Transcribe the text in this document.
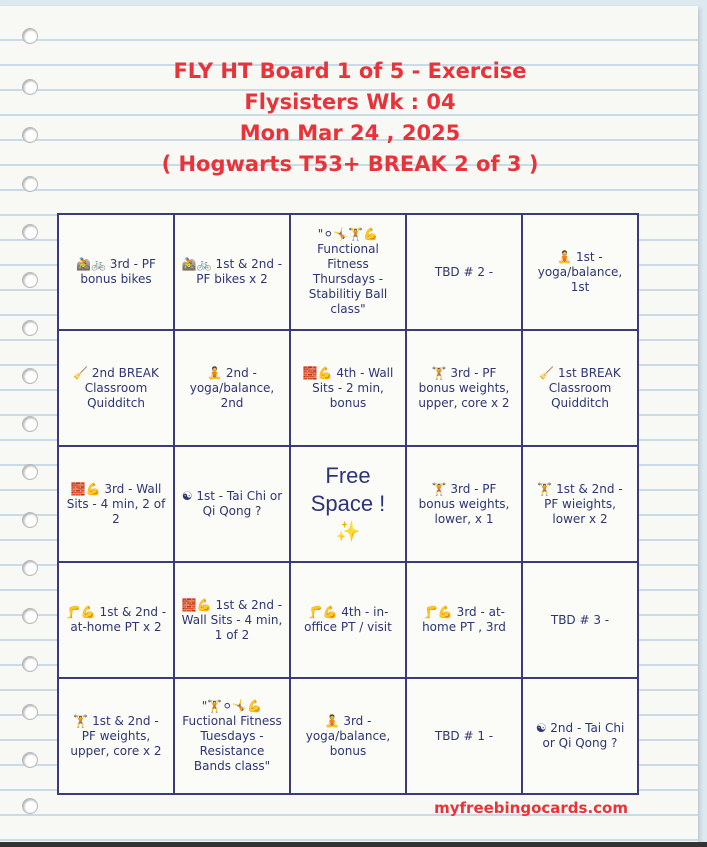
FLY HT Board 1 of 5 - Exercise
Flysisters Wk : 04
Mon Mar 24 , 2025
( Hogwarts T53+ BREAK 2 of 3 )
🚵🚲 3rd - PF bonus bikes
🚵🚲 1st & 2nd - PF bikes x 2
"⚪🤸🏋💪 Functional Fitness Thursdays - Stabilitiy Ball class"
TBD # 2 -
🧘 1st - yoga/balance, 1st
🧹 2nd BREAK Classroom Quidditch
🧘 2nd - yoga/balance, 2nd
🧱💪 4th - Wall Sits - 2 min, bonus
🏋 3rd - PF bonus weights, upper, core x 2
🧹 1st BREAK Classroom Quidditch
🧱💪 3rd - Wall Sits - 4 min, 2 of 2
☯ 1st - Tai Chi or Qi Qong ?
Free Space !
✨
🏋 3rd - PF bonus weights, lower, x 1
🏋 1st & 2nd - PF wieights, lower x 2
🦵💪 1st & 2nd - at-home PT x 2
🧱💪 1st & 2nd - Wall Sits - 4 min, 1 of 2
🦵💪 4th - in-office PT / visit
🦵💪 3rd - at-home PT , 3rd
TBD # 3 -
🏋 1st & 2nd - PF weights, upper, core x 2
"🏋⚪🤸💪 Fuctional Fitness Tuesdays - Resistance Bands class"
🧘 3rd - yoga/balance, bonus
TBD # 1 -
☯ 2nd - Tai Chi or Qi Qong ?
myfreebingocards.com
